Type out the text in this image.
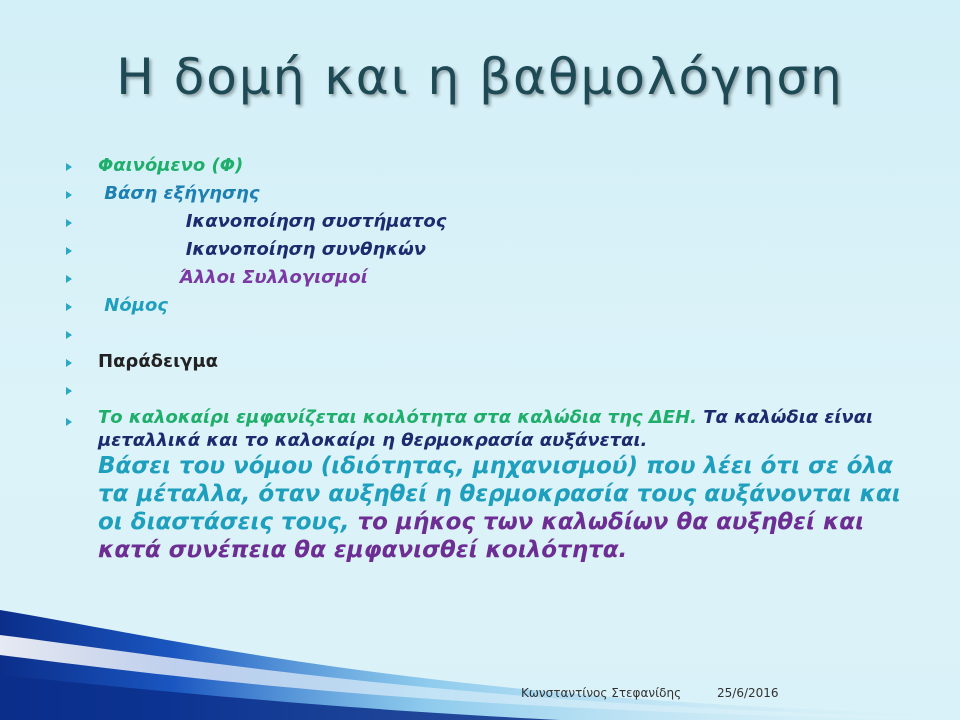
Η δομή και η βαθμολόγηση
Φαινόμενο (Φ)
Βάση εξήγησης
Ικανοποίηση συστήματος
Ικανοποίηση συνθηκών
Άλλοι Συλλογισμοί
Νόμος
Παράδειγμα
Το καλοκαίρι εμφανίζεται κοιλότητα στα καλώδια της ΔΕΗ. Τα καλώδια είναι μεταλλικά και το καλοκαίρι η θερμοκρασία αυξάνεται.
Βάσει του νόμου (ιδιότητας, μηχανισμού) που λέει ότι σε όλα τα μέταλλα, όταν αυξηθεί η θερμοκρασία τους αυξάνονται και οι διαστάσεις τους, το μήκος των καλωδίων θα αυξηθεί και κατά συνέπεια θα εμφανισθεί κοιλότητα.
Κωνσταντίνος Στεφανίδης	25/6/2016
